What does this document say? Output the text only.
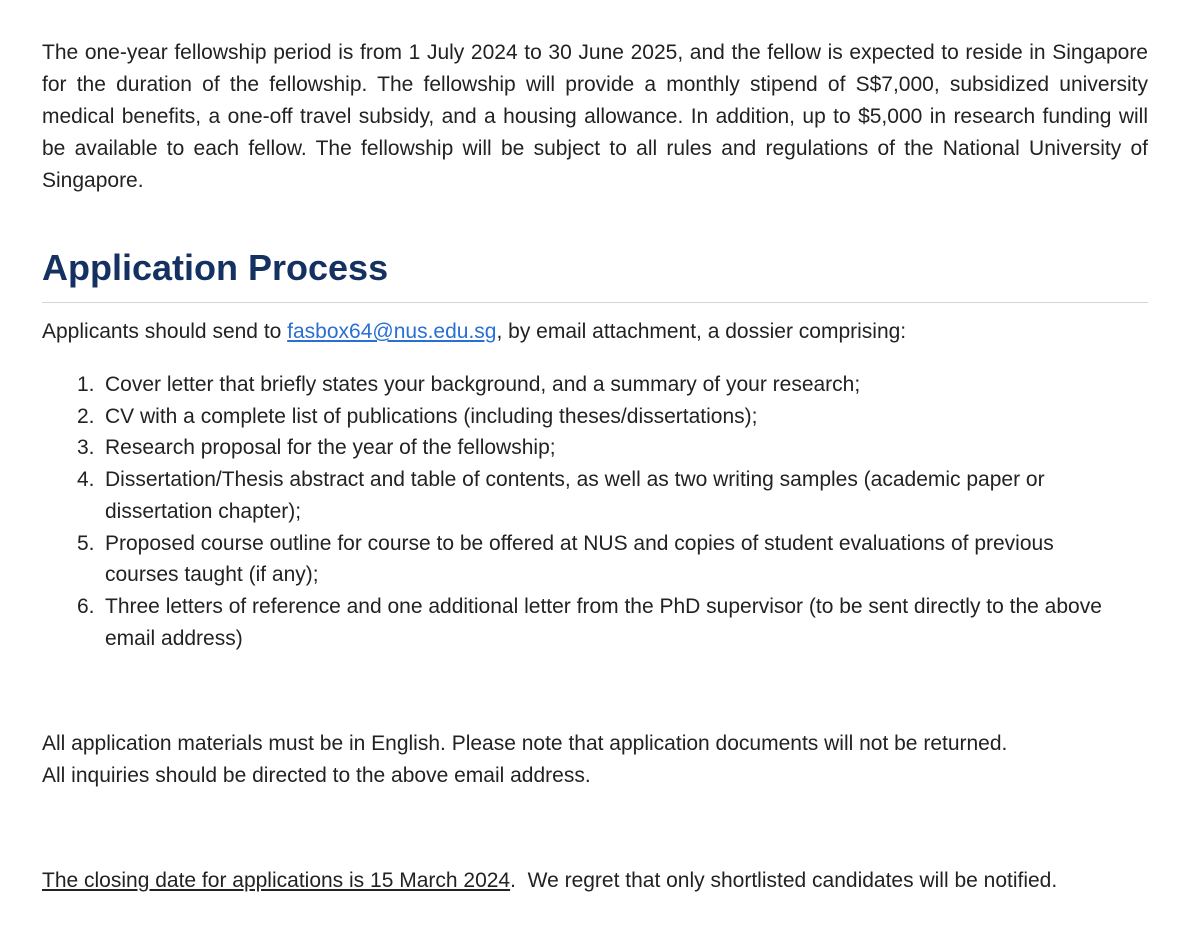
The one-year fellowship period is from 1 July 2024 to 30 June 2025, and the fellow is expected to reside in Singapore for the duration of the fellowship. The fellowship will provide a monthly stipend of S$7,000, subsidized university medical benefits, a one-off travel subsidy, and a housing allowance. In addition, up to $5,000 in research funding will be available to each fellow. The fellowship will be subject to all rules and regulations of the National University of Singapore.

Application Process

Applicants should send to fasbox64@nus.edu.sg, by email attachment, a dossier comprising:

1. Cover letter that briefly states your background, and a summary of your research;
2. CV with a complete list of publications (including theses/dissertations);
3. Research proposal for the year of the fellowship;
4. Dissertation/Thesis abstract and table of contents, as well as two writing samples (academic paper or dissertation chapter);
5. Proposed course outline for course to be offered at NUS and copies of student evaluations of previous courses taught (if any);
6. Three letters of reference and one additional letter from the PhD supervisor (to be sent directly to the above email address)

All application materials must be in English. Please note that application documents will not be returned.

All inquiries should be directed to the above email address.

The closing date for applications is 15 March 2024.  We regret that only shortlisted candidates will be notified.
